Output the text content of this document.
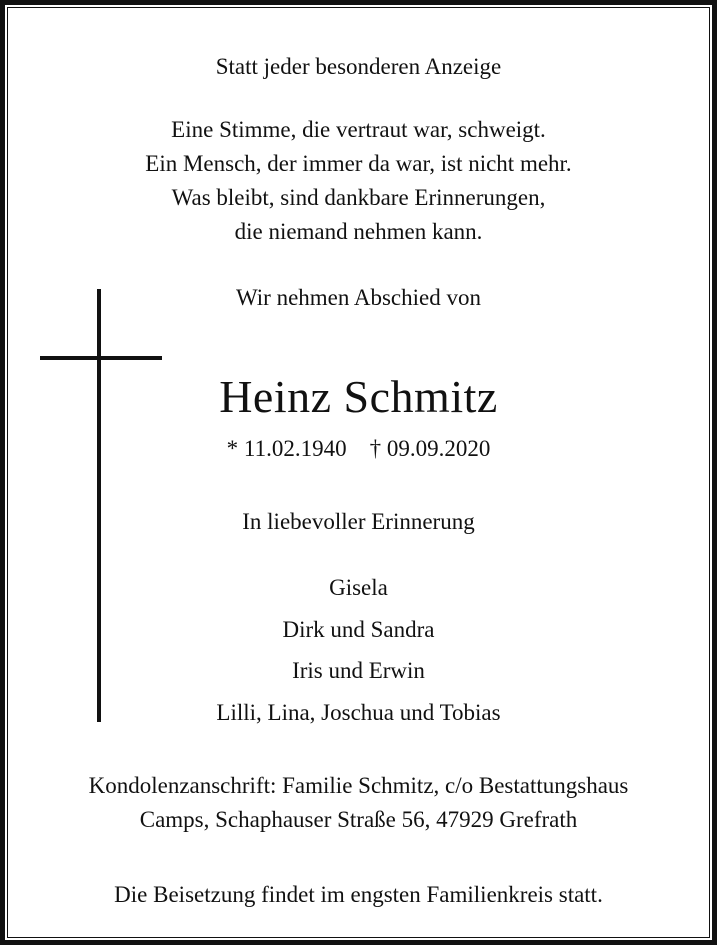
Statt jeder besonderen Anzeige
Eine Stimme, die vertraut war, schweigt.
Ein Mensch, der immer da war, ist nicht mehr.
Was bleibt, sind dankbare Erinnerungen,
die niemand nehmen kann.
Wir nehmen Abschied von
Heinz Schmitz
* 11.02.1940    † 09.09.2020
In liebevoller Erinnerung
Gisela
Dirk und Sandra
Iris und Erwin
Lilli, Lina, Joschua und Tobias
Kondolenzanschrift: Familie Schmitz, c/o Bestattungshaus
Camps, Schaphauser Straße 56, 47929 Grefrath
Die Beisetzung findet im engsten Familienkreis statt.
